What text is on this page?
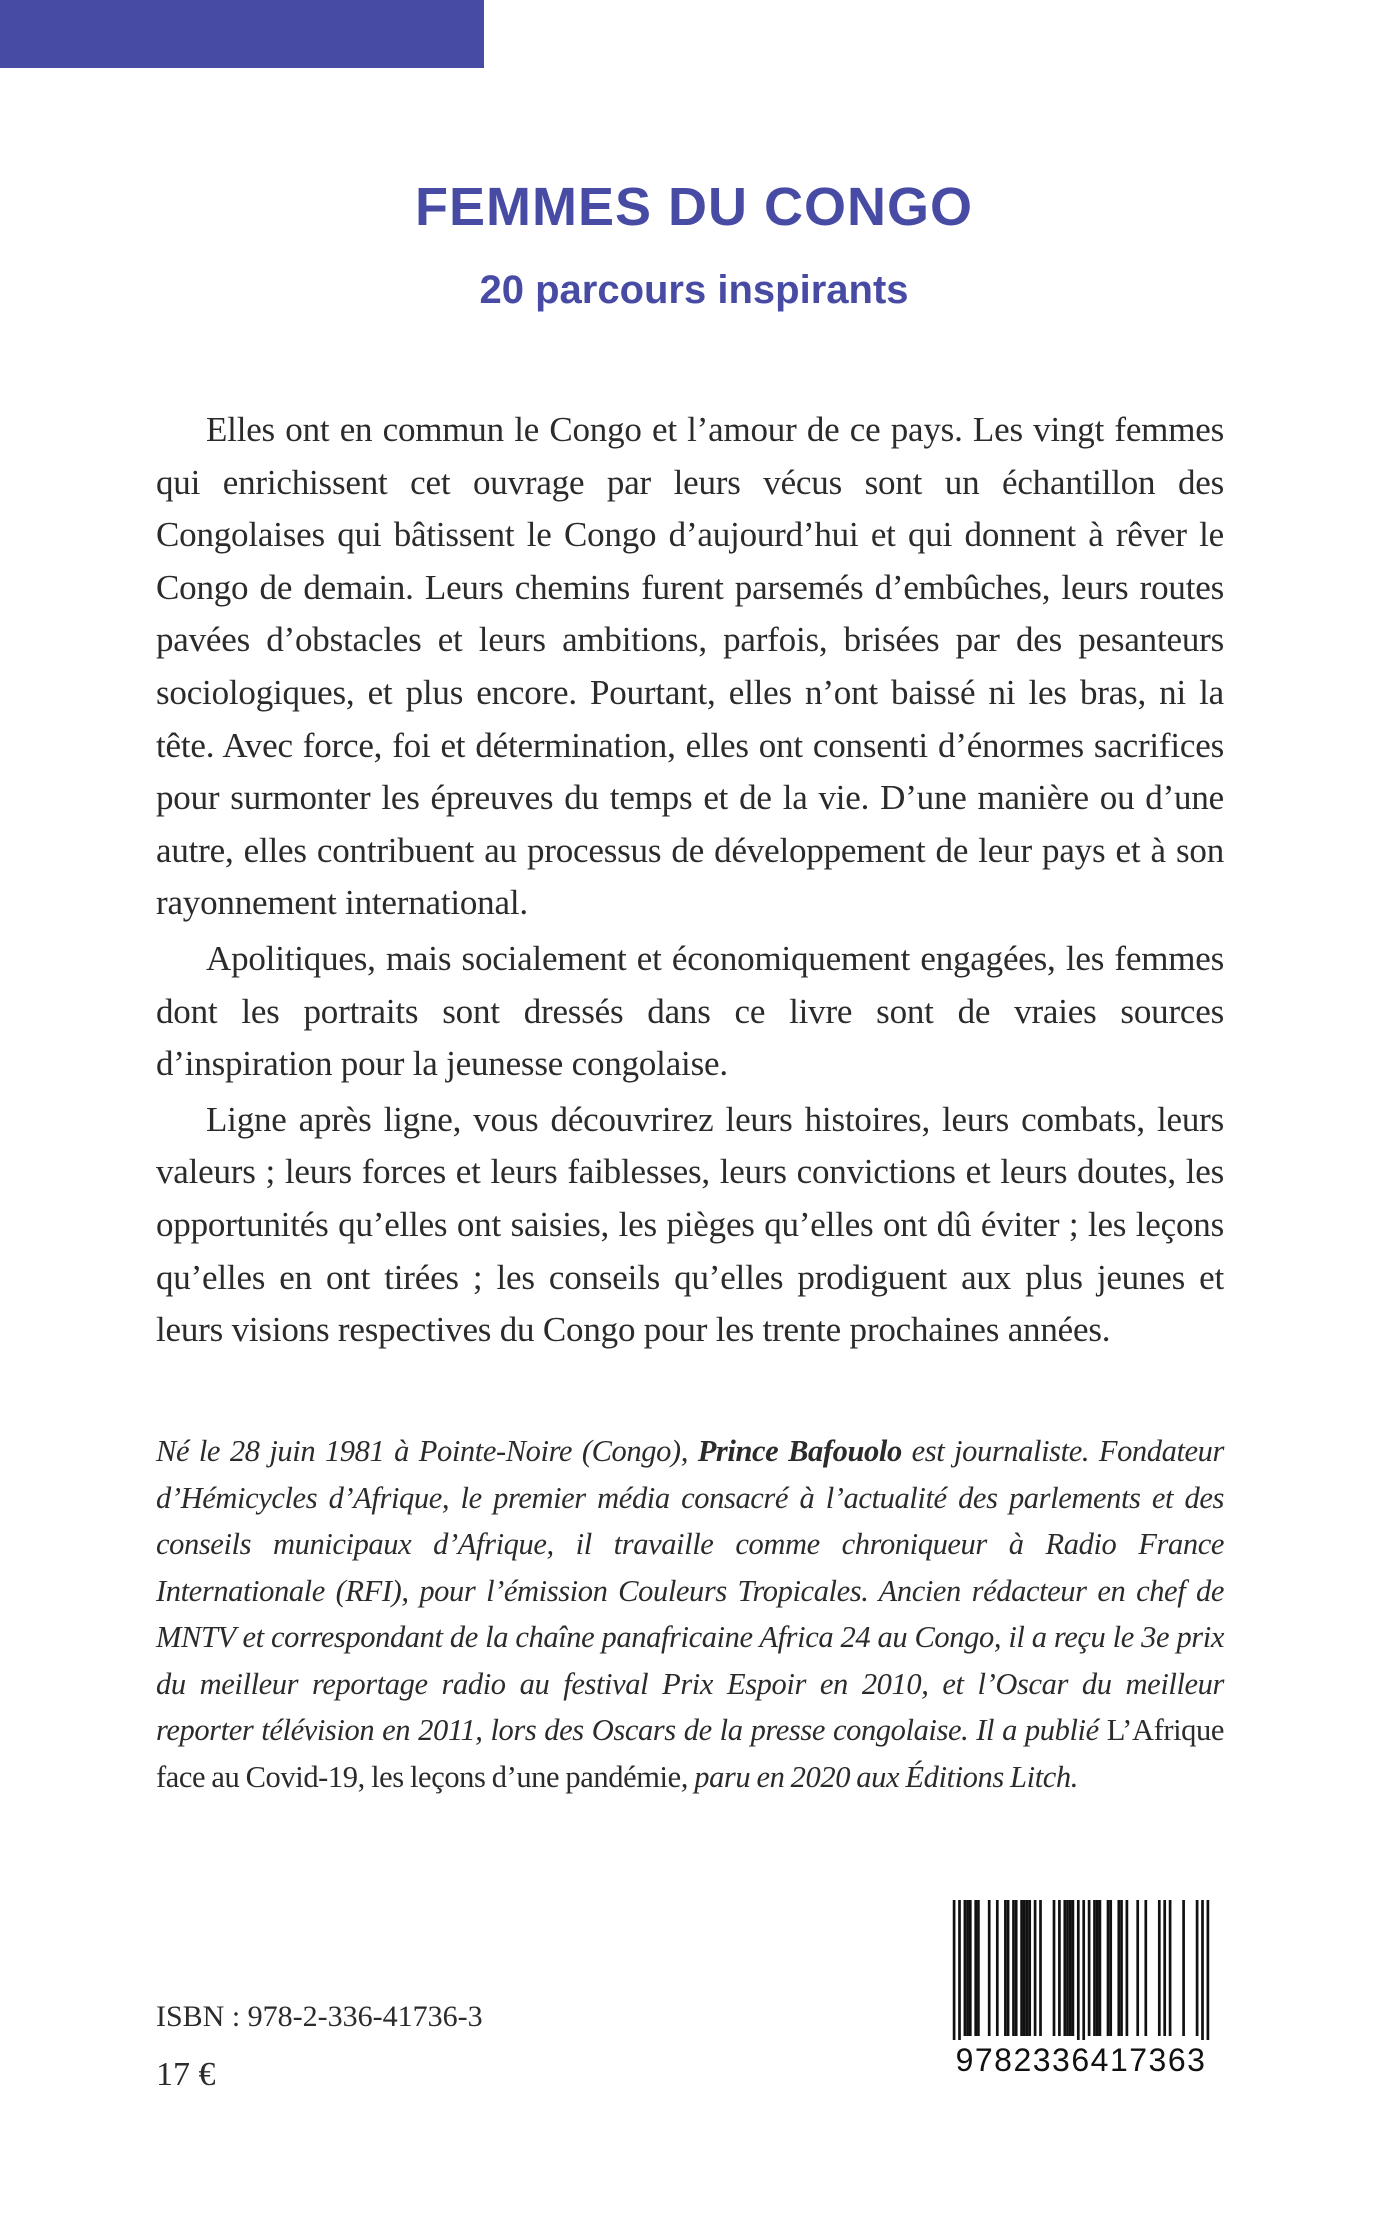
FEMMES DU CONGO
20 parcours inspirants

Elles ont en commun le Congo et l’amour de ce pays. Les vingt femmes qui enrichissent cet ouvrage par leurs vécus sont un échantillon des Congolaises qui bâtissent le Congo d’aujourd’hui et qui donnent à rêver le Congo de demain. Leurs chemins furent parsemés d’embûches, leurs routes pavées d’obstacles et leurs ambitions, parfois, brisées par des pesanteurs sociologiques, et plus encore. Pourtant, elles n’ont baissé ni les bras, ni la tête. Avec force, foi et détermination, elles ont consenti d’énormes sacrifices pour surmonter les épreuves du temps et de la vie. D’une manière ou d’une autre, elles contribuent au processus de développement de leur pays et à son rayonnement international.

Apolitiques, mais socialement et économiquement engagées, les femmes dont les portraits sont dressés dans ce livre sont de vraies sources d’inspiration pour la jeunesse congolaise.

Ligne après ligne, vous découvrirez leurs histoires, leurs combats, leurs valeurs ; leurs forces et leurs faiblesses, leurs convictions et leurs doutes, les opportunités qu’elles ont saisies, les pièges qu’elles ont dû éviter ; les leçons qu’elles en ont tirées ; les conseils qu’elles prodiguent aux plus jeunes et leurs visions respectives du Congo pour les trente prochaines années.

Né le 28 juin 1981 à Pointe-Noire (Congo), Prince Bafouolo est journaliste. Fondateur d’Hémicycles d’Afrique, le premier média consacré à l’actualité des parlements et des conseils municipaux d’Afrique, il travaille comme chroniqueur à Radio France Internationale (RFI), pour l’émission Couleurs Tropicales. Ancien rédacteur en chef de MNTV et correspondant de la chaîne panafricaine Africa 24 au Congo, il a reçu le 3e prix du meilleur reportage radio au festival Prix Espoir en 2010, et l’Oscar du meilleur reporter télévision en 2011, lors des Oscars de la presse congolaise. Il a publié L’Afrique face au Covid-19, les leçons d’une pandémie, paru en 2020 aux Éditions Litch.

ISBN : 978-2-336-41736-3

17 €	9782336417363
